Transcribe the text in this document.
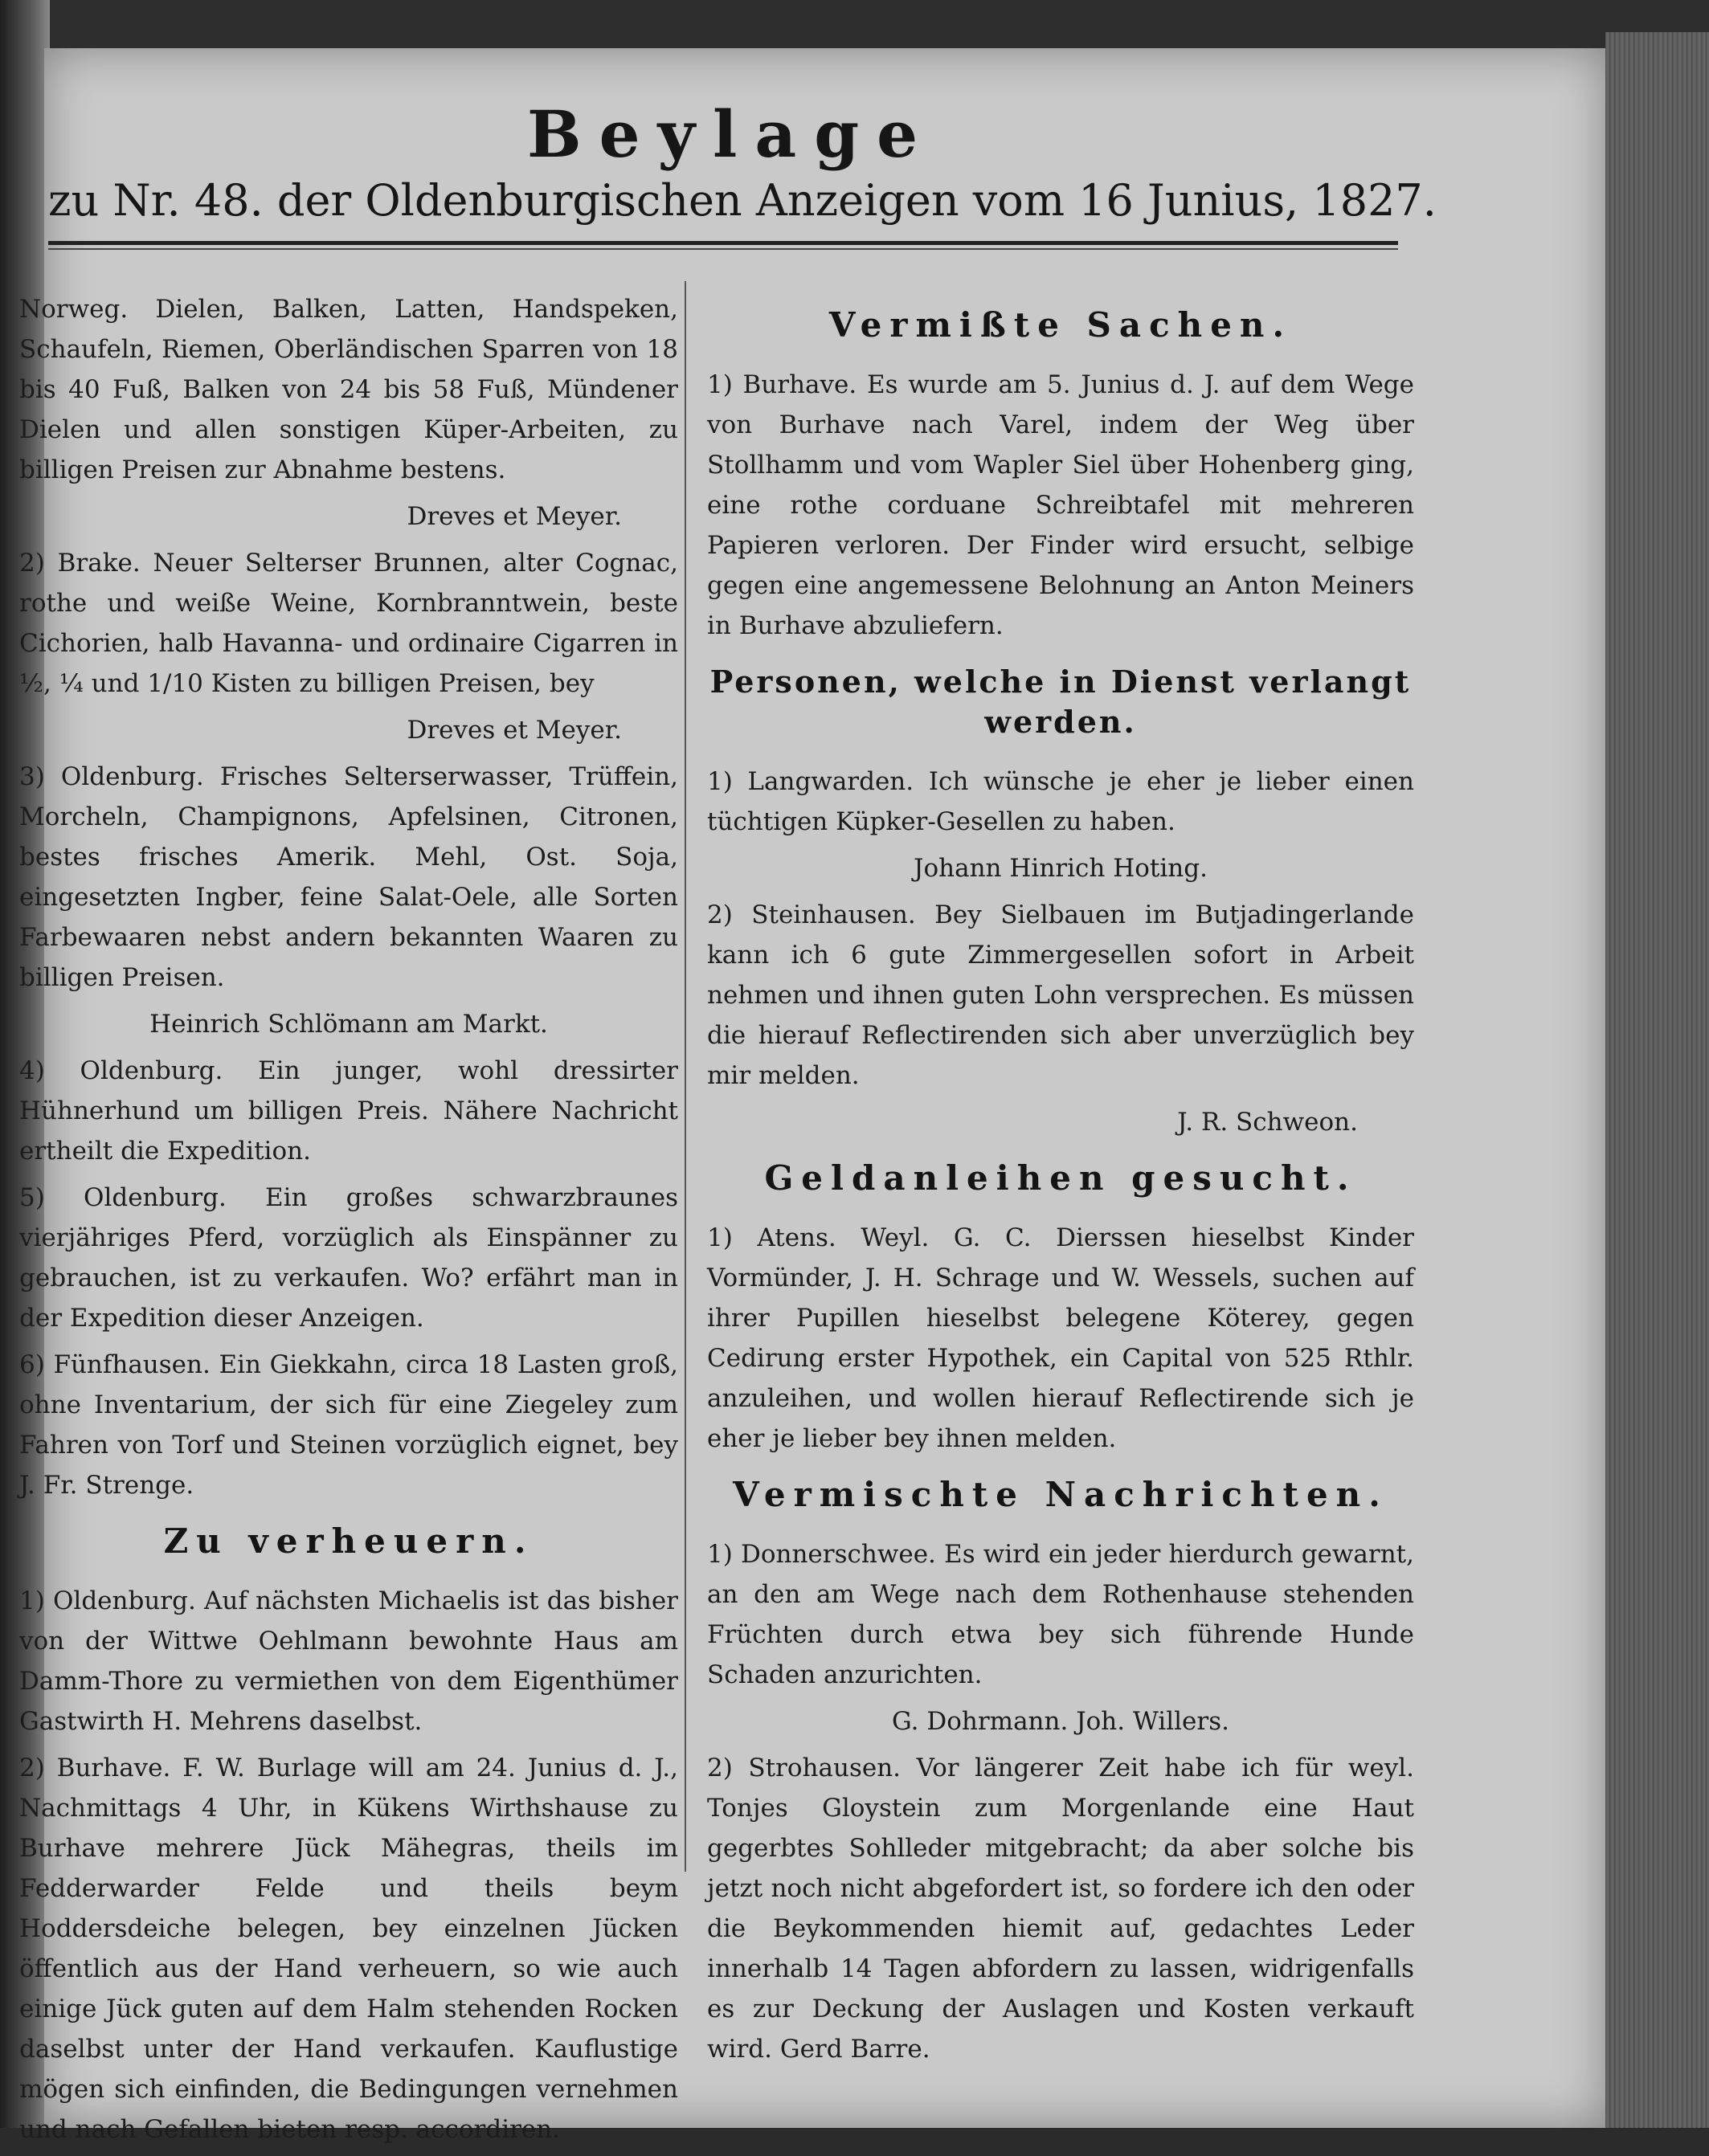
Beylage
zu Nr. 48. der Oldenburgischen Anzeigen vom 16 Junius, 1827.
Norweg. Dielen, Balken, Latten, Handspeken, Schaufeln, Riemen, Oberländischen Sparren von 18 bis 40 Fuß, Balken von 24 bis 58 Fuß, Mündener Dielen und allen sonstigen Küper-Arbeiten, zu billigen Preisen zur Abnahme bestens.
Dreves et Meyer.
2) Brake. Neuer Selterser Brunnen, alter Cognac, rothe und weiße Weine, Kornbranntwein, beste Cichorien, halb Havanna- und ordinaire Cigarren in ½, ¼ und 1/10 Kisten zu billigen Preisen, bey
Dreves et Meyer.
3) Oldenburg. Frisches Selterserwasser, Trüffein, Morcheln, Champignons, Apfelsinen, Citronen, bestes frisches Amerik. Mehl, Ost. Soja, eingesetzten Ingber, feine Salat-Oele, alle Sorten Farbewaaren nebst andern bekannten Waaren zu billigen Preisen.
Heinrich Schlömann am Markt.
4) Oldenburg. Ein junger, wohl dressirter Hühnerhund um billigen Preis. Nähere Nachricht ertheilt die Expedition.
5) Oldenburg. Ein großes schwarzbraunes vierjähriges Pferd, vorzüglich als Einspänner zu gebrauchen, ist zu verkaufen. Wo? erfährt man in der Expedition dieser Anzeigen.
6) Fünfhausen. Ein Giekkahn, circa 18 Lasten groß, ohne Inventarium, der sich für eine Ziegeley zum Fahren von Torf und Steinen vorzüglich eignet, bey J. Fr. Strenge.
Zu verheuern.
1) Oldenburg. Auf nächsten Michaelis ist das bisher von der Wittwe Oehlmann bewohnte Haus am Damm-Thore zu vermiethen von dem Eigenthümer Gastwirth H. Mehrens daselbst.
2) Burhave. F. W. Burlage will am 24. Junius d. J., Nachmittags 4 Uhr, in Kükens Wirthshause zu Burhave mehrere Jück Mähegras, theils im Fedderwarder Felde und theils beym Hoddersdeiche belegen, bey einzelnen Jücken öffentlich aus der Hand verheuern, so wie auch einige Jück guten auf dem Halm stehenden Rocken daselbst unter der Hand verkaufen. Kauflustige mögen sich einfinden, die Bedingungen vernehmen und nach Gefallen bieten resp. accordiren.
Vermißte Sachen.
1) Burhave. Es wurde am 5. Junius d. J. auf dem Wege von Burhave nach Varel, indem der Weg über Stollhamm und vom Wapler Siel über Hohenberg ging, eine rothe corduane Schreibtafel mit mehreren Papieren verloren. Der Finder wird ersucht, selbige gegen eine angemessene Belohnung an Anton Meiners in Burhave abzuliefern.
Personen, welche in Dienst verlangt werden.
1) Langwarden. Ich wünsche je eher je lieber einen tüchtigen Küpker-Gesellen zu haben.
Johann Hinrich Hoting.
2) Steinhausen. Bey Sielbauen im Butjadingerlande kann ich 6 gute Zimmergesellen sofort in Arbeit nehmen und ihnen guten Lohn versprechen. Es müssen die hierauf Reflectirenden sich aber unverzüglich bey mir melden.
J. R. Schweon.
Geldanleihen gesucht.
1) Atens. Weyl. G. C. Dierssen hieselbst Kinder Vormünder, J. H. Schrage und W. Wessels, suchen auf ihrer Pupillen hieselbst belegene Köterey, gegen Cedirung erster Hypothek, ein Capital von 525 Rthlr. anzuleihen, und wollen hierauf Reflectirende sich je eher je lieber bey ihnen melden.
Vermischte Nachrichten.
1) Donnerschwee. Es wird ein jeder hierdurch gewarnt, an den am Wege nach dem Rothenhause stehenden Früchten durch etwa bey sich führende Hunde Schaden anzurichten.
G. Dohrmann. Joh. Willers.
2) Strohausen. Vor längerer Zeit habe ich für weyl. Tonjes Gloystein zum Morgenlande eine Haut gegerbtes Sohlleder mitgebracht; da aber solche bis jetzt noch nicht abgefordert ist, so fordere ich den oder die Beykommenden hiemit auf, gedachtes Leder innerhalb 14 Tagen abfordern zu lassen, widrigenfalls es zur Deckung der Auslagen und Kosten verkauft wird. Gerd Barre.
